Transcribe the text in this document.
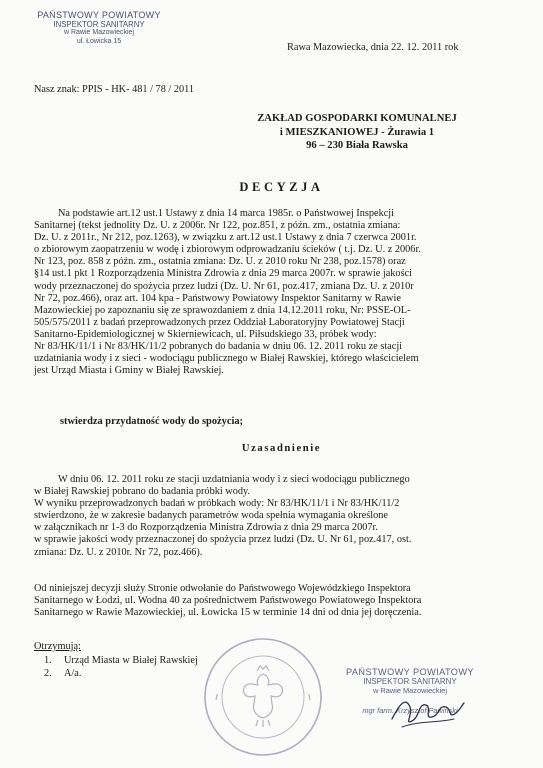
PAŃSTWOWY POWIATOWY
INSPEKTOR SANITARNY
w Rawie Mazowieckiej
ul. Łowicka 15
Rawa Mazowiecka, dnia 22. 12. 2011 rok
Nasz znak: PPIS - HK- 481 / 78 / 2011
ZAKŁAD GOSPODARKI KOMUNALNEJ
i MIESZKANIOWEJ - Żurawia 1
96 – 230 Biała Rawska
DECYZJA
Na podstawie art.12 ust.1 Ustawy z dnia 14 marca 1985r. o Państwowej Inspekcji
Sanitarnej (tekst jednolity Dz. U. z 2006r. Nr 122, poz.851, z późn. zm., ostatnia zmiana:
Dz. U. z 2011r., Nr 212, poz.1263), w związku z art.12 ust.1 Ustawy z dnia 7 czerwca 2001r.
o zbiorowym zaopatrzeniu w wodę i zbiorowym odprowadzaniu ścieków ( t.j. Dz. U. z 2006r.
Nr 123, poz. 858 z późn. zm., ostatnia zmiana: Dz. U. z 2010 roku Nr 238, poz.1578) oraz
§14 ust.1 pkt 1 Rozporządzenia Ministra Zdrowia z dnia 29 marca 2007r. w sprawie jakości
wody przeznaczonej do spożycia przez ludzi (Dz. U. Nr 61, poz.417, zmiana Dz. U. z 2010r
Nr 72, poz.466), oraz art. 104 kpa - Państwowy Powiatowy Inspektor Sanitarny w Rawie
Mazowieckiej po zapoznaniu się ze sprawozdaniem z dnia 14.12.2011 roku, Nr: PSSE-OL-
505/575/2011 z badań przeprowadzonych przez Oddział Laboratoryjny Powiatowej Stacji
Sanitarno-Epidemiologicznej w Skierniewicach, ul. Piłsudskiego 33, próbek wody:
Nr 83/HK/11/1 i Nr 83/HK/11/2 pobranych do badania w dniu 06. 12. 2011 roku ze stacji
uzdatniania wody i z sieci - wodociągu publicznego w Białej Rawskiej, którego właścicielem
jest Urząd Miasta i Gminy w Białej Rawskiej.
stwierdza przydatność wody do spożycia;
Uzasadnienie
W dniu 06. 12. 2011 roku ze stacji uzdatniania wody i z sieci wodociągu publicznego
w Białej Rawskiej pobrano do badania próbki wody.
W wyniku przeprowadzonych badań w próbkach wody: Nr 83/HK/11/1 i Nr 83/HK/11/2
stwierdzono, że w zakresie badanych parametrów woda spełnia wymagania określone
w załącznikach nr 1-3 do Rozporządzenia Ministra Zdrowia z dnia 29 marca 2007r.
w sprawie jakości wody przeznaczonej do spożycia przez ludzi (Dz. U. Nr 61, poz.417, ost.
zmiana: Dz. U. z 2010r. Nr 72, poz.466).
Od niniejszej decyzji służy Stronie odwołanie do Państwowego Wojewódzkiego Inspektora
Sanitarnego w Łodzi, ul. Wodna 40 za pośrednictwem Państwowego Powiatowego Inspektora
Sanitarnego w Rawie Mazowieckiej, ul. Łowicka 15 w terminie 14 dni od dnia jej doręczenia.
Otrzymują:
1. Urząd Miasta w Białej Rawskiej
2. A/a.	PAŃSTWOWY POWIATOWY
INSPEKTOR SANITARNY
w Rawie Mazowieckiej
mgr farm. Krzysztof Pawiński
